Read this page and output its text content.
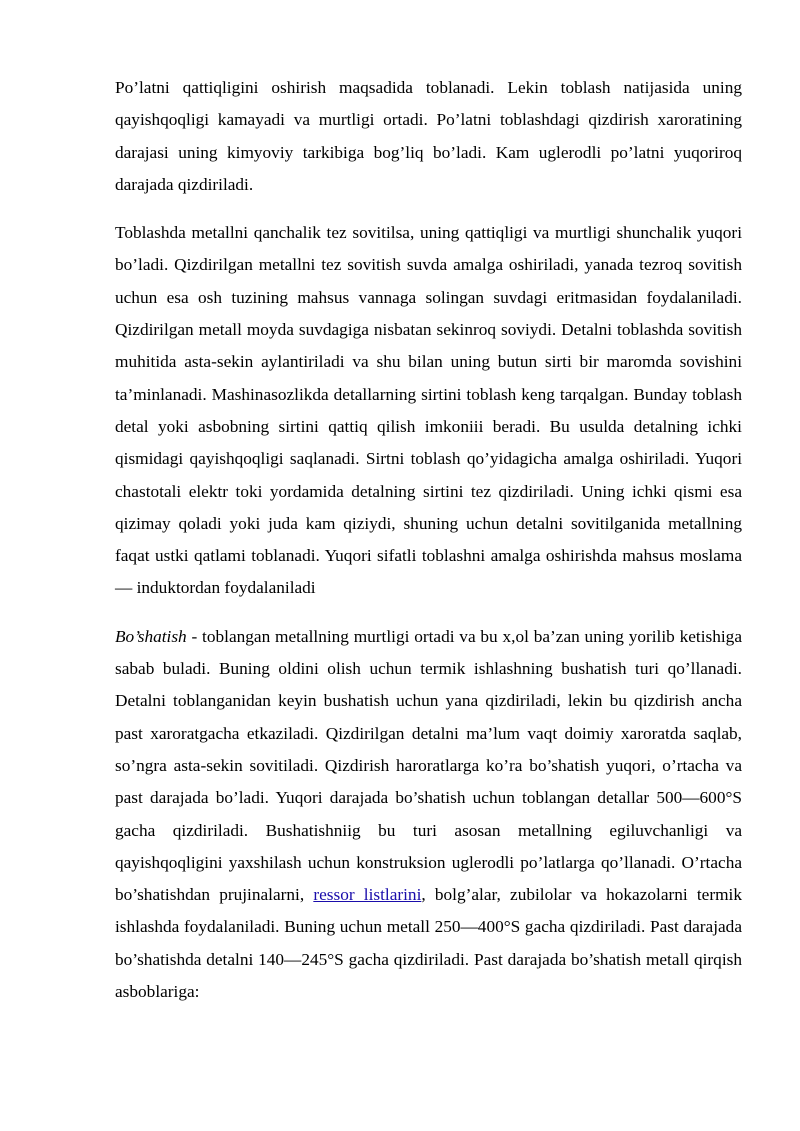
Po’latni qattiqligini oshirish maqsadida toblanadi. Lekin toblash natijasida uning qayishqoqligi kamayadi va murtligi ortadi. Po’latni toblashdagi qizdirish xaroratining darajasi uning kimyoviy tarkibiga bog’liq bo’ladi. Kam uglerodli po’latni yuqoriroq darajada qizdiriladi.

Toblashda metallni qanchalik tez sovitilsa, uning qattiqligi va murtligi shunchalik yuqori bo’ladi. Qizdirilgan metallni tez sovitish suvda amalga oshiriladi, yanada tezroq sovitish uchun esa osh tuzining mahsus vannaga solingan suvdagi eritmasidan foydalaniladi. Qizdirilgan metall moyda suvdagiga nisbatan sekinroq soviydi. Detalni toblashda sovitish muhitida asta-sekin aylantiriladi va shu bilan uning butun sirti bir maromda sovishini ta’minlanadi. Mashinasozlikda detallarning sirtini toblash keng tarqalgan. Bunday toblash detal yoki asbobning sirtini qattiq qilish imkoniii beradi. Bu usulda detalning ichki qismidagi qayishqoqligi saqlanadi. Sirtni toblash qo’yidagicha amalga oshiriladi. Yuqori chastotali elektr toki yordamida detalning sirtini tez qizdiriladi. Uning ichki qismi esa qizimay qoladi yoki juda kam qiziydi, shuning uchun detalni sovitilganida metallning faqat ustki qatlami toblanadi. Yuqori sifatli toblashni amalga oshirishda mahsus moslama — induktordan foydalaniladi

Bo’shatish - toblangan metallning murtligi ortadi va bu x,ol ba’zan uning yorilib ketishiga sabab buladi. Buning oldini olish uchun termik ishlashning bushatish turi qo’llanadi. Detalni toblanganidan keyin bushatish uchun yana qizdiriladi, lekin bu qizdirish ancha past xaroratgacha etkaziladi. Qizdirilgan detalni ma’lum vaqt doimiy xaroratda saqlab, so’ngra asta-sekin sovitiladi. Qizdirish haroratlarga ko’ra bo’shatish yuqori, o’rtacha va past darajada bo’ladi. Yuqori darajada bo’shatish uchun toblangan detallar 500—600°S gacha qizdiriladi. Bushatishniig bu turi asosan metallning egiluvchanligi va qayishqoqligini yaxshilash uchun konstruksion uglerodli po’latlarga qo’llanadi. O’rtacha bo’shatishdan prujinalarni, ressor listlarini, bolg’alar, zubilolar va hokazolarni termik ishlashda foydalaniladi. Buning uchun metall 250—400°S gacha qizdiriladi. Past darajada bo’shatishda detalni 140—245°S gacha qizdiriladi. Past darajada bo’shatish metall qirqish asboblariga:
